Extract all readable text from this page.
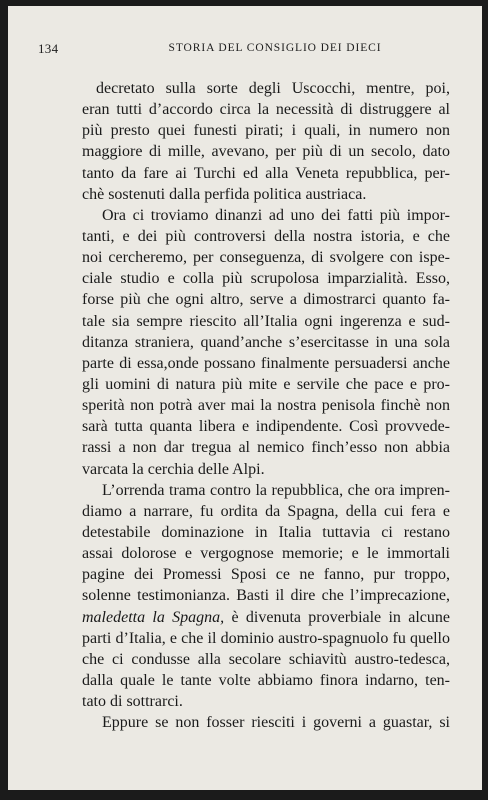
134	STORIA DEL CONSIGLIO DEI DIECI
decretato sulla sorte degli Uscocchi, mentre, poi,
eran tutti d’accordo circa la necessità di distruggere al
più presto quei funesti pirati; i quali, in numero non
maggiore di mille, avevano, per più di un secolo, dato
tanto da fare ai Turchi ed alla Veneta repubblica, per-
chè sostenuti dalla perfida politica austriaca.
Ora ci troviamo dinanzi ad uno dei fatti più impor-
tanti, e dei più controversi della nostra istoria, e che
noi cercheremo, per conseguenza, di svolgere con ispe-
ciale studio e colla più scrupolosa imparzialità. Esso,
forse più che ogni altro, serve a dimostrarci quanto fa-
tale sia sempre riescito all’Italia ogni ingerenza e sud-
ditanza straniera, quand’anche s’esercitasse in una sola
parte di essa,onde possano finalmente persuadersi anche
gli uomini di natura più mite e servile che pace e pro-
sperità non potrà aver mai la nostra penisola finchè non
sarà tutta quanta libera e indipendente. Così provvede-
rassi a non dar tregua al nemico finch’esso non abbia
varcata la cerchia delle Alpi.
L’orrenda trama contro la repubblica, che ora impren-
diamo a narrare, fu ordita da Spagna, della cui fera e
detestabile dominazione in Italia tuttavia ci restano
assai dolorose e vergognose memorie; e le immortali
pagine dei Promessi Sposi ce ne fanno, pur troppo,
solenne testimonianza. Basti il dire che l’imprecazione,
maledetta la Spagna, è divenuta proverbiale in alcune
parti d’Italia, e che il dominio austro-spagnuolo fu quello
che ci condusse alla secolare schiavitù austro-tedesca,
dalla quale le tante volte abbiamo finora indarno, ten-
tato di sottrarci.
Eppure se non fosser riesciti i governi a guastar, si
